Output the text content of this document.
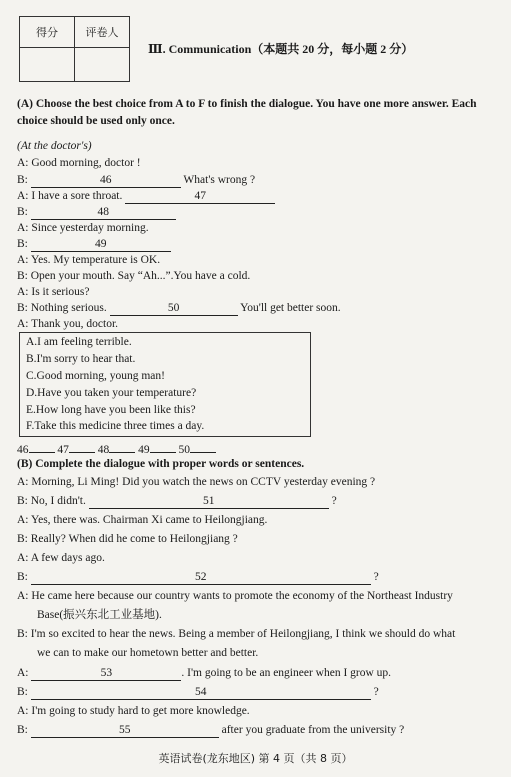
得分	评卷人

Ⅲ. Communication（本题共 20 分，每小题 2 分）
(A) Choose the best choice from A to F to finish the dialogue. You have one more answer. Each choice should be used only once.
(At the doctor's)
A: Good morning, doctor !
B:	46	What's wrong ?
A: I have a sore throat.	47
B:	48
A: Since yesterday morning.
B:	49
A: Yes. My temperature is OK.
B: Open your mouth. Say “Ah...”.You have a cold.
A: Is it serious?
B: Nothing serious.	50	You'll get better soon.
A: Thank you, doctor.
A.I am feeling terrible.
B.I'm sorry to hear that.
C.Good morning, young man!
D.Have you taken your temperature?
E.How long have you been like this?
F.Take this medicine three times a day.
46	47	48	49	50
(B) Complete the dialogue with proper words or sentences.
A: Morning, Li Ming! Did you watch the news on CCTV yesterday evening ?
B: No, I didn't.	51	?
A: Yes, there was. Chairman Xi came to Heilongjiang.
B: Really? When did he come to Heilongjiang ?
A: A few days ago.
B:	52	?
A: He came here because our country wants to promote the economy of the Northeast Industry
Base(振兴东北工业基地).
B: I'm so excited to hear the news. Being a member of Heilongjiang, I think we should do what
we can to make our hometown better and better.
A:	53	. I'm going to be an engineer when I grow up.
B:	54	?
A: I'm going to study hard to get more knowledge.
B:	55	after you graduate from the university ?
英语试卷(龙东地区) 第 4 页（共 8 页）
